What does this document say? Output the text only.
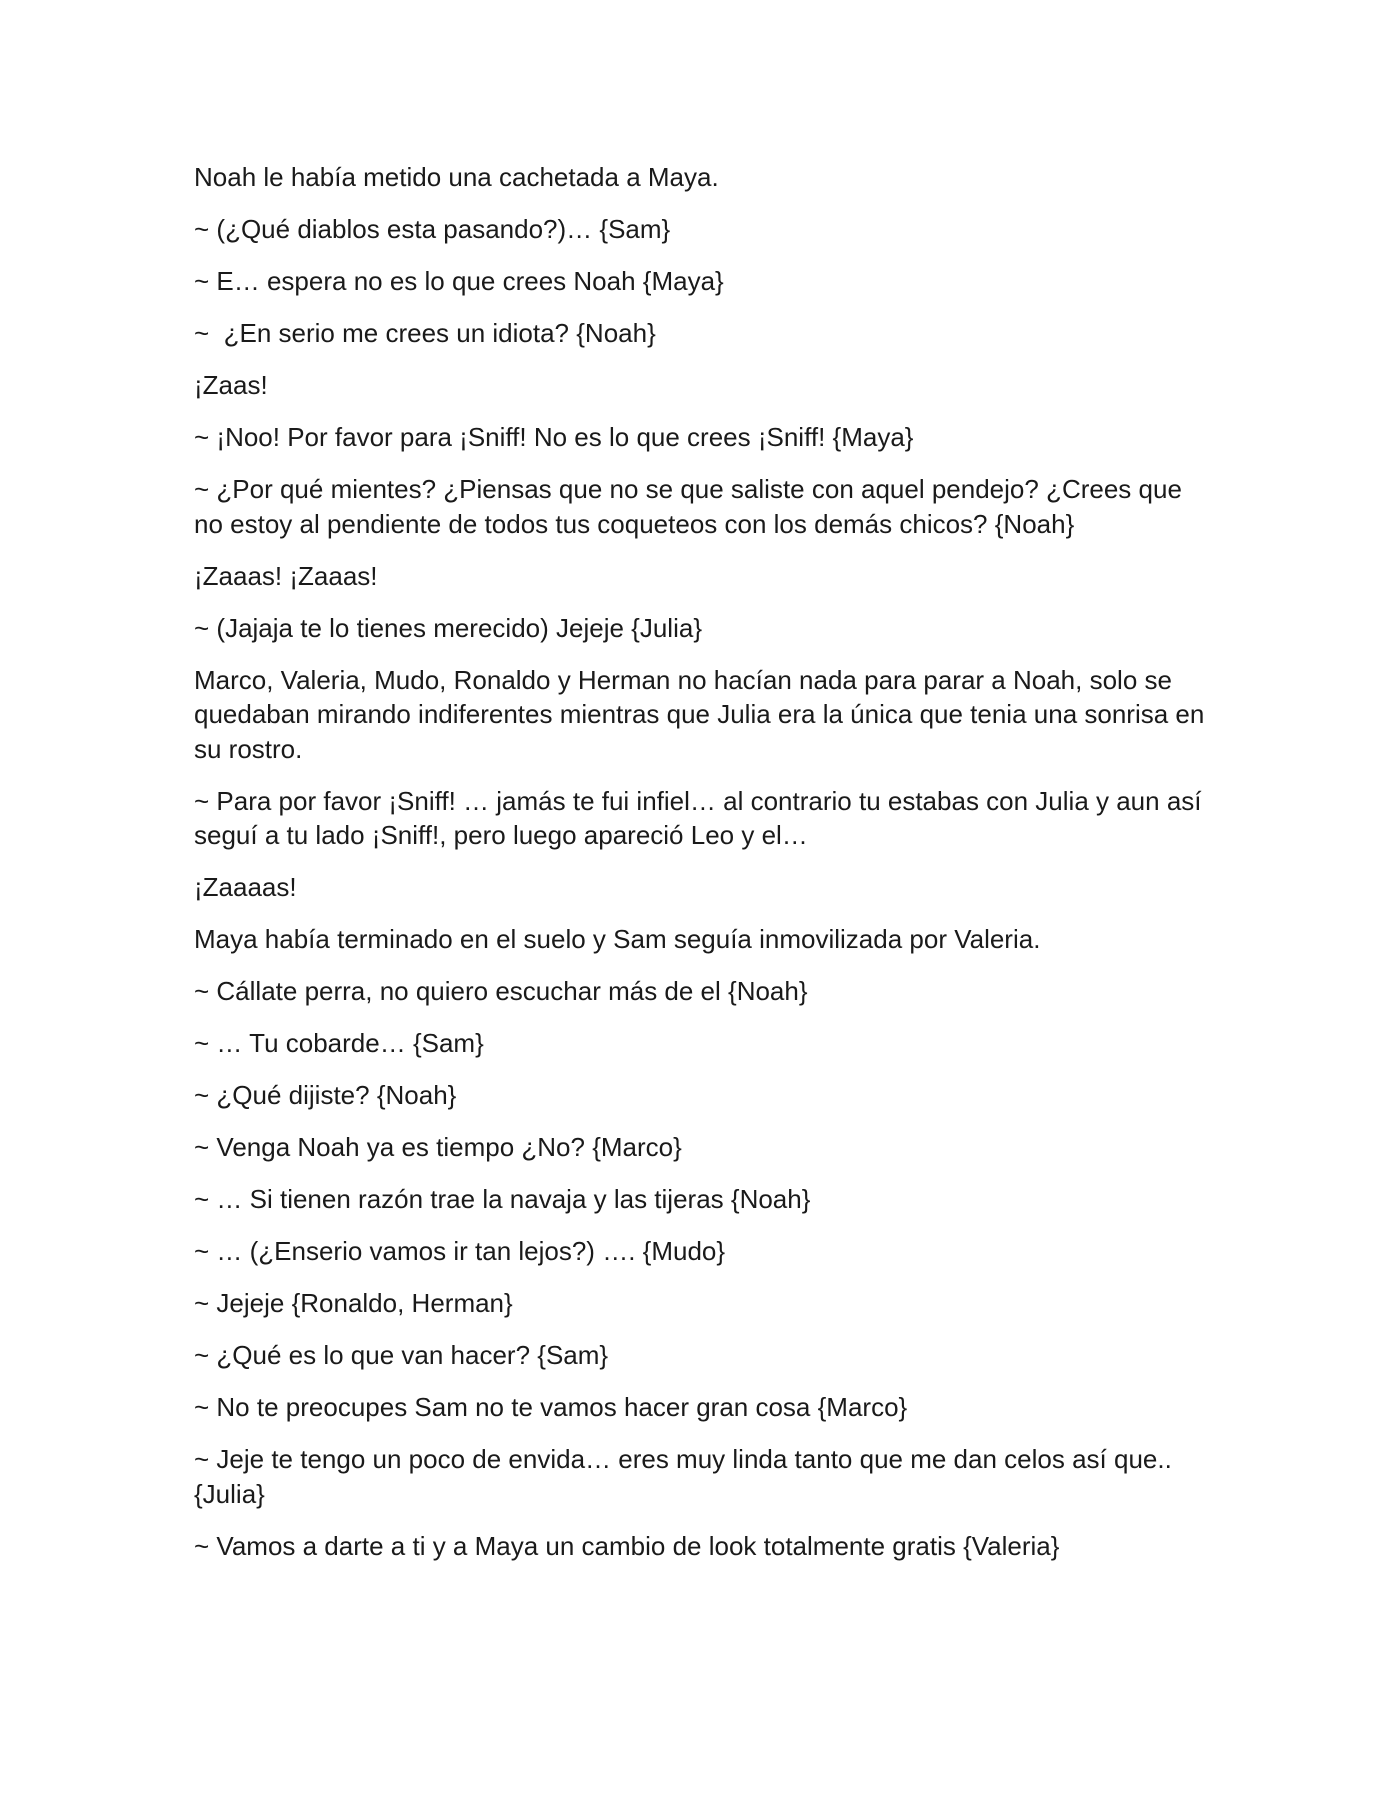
Noah le había metido una cachetada a Maya.

~ (¿Qué diablos esta pasando?)… {Sam}

~ E… espera no es lo que crees Noah {Maya}

~  ¿En serio me crees un idiota? {Noah}

¡Zaas!

~ ¡Noo! Por favor para ¡Sniff! No es lo que crees ¡Sniff! {Maya}

~ ¿Por qué mientes? ¿Piensas que no se que saliste con aquel pendejo? ¿Crees que no estoy al pendiente de todos tus coqueteos con los demás chicos? {Noah}

¡Zaaas! ¡Zaaas!

~ (Jajaja te lo tienes merecido) Jejeje {Julia}

Marco, Valeria, Mudo, Ronaldo y Herman no hacían nada para parar a Noah, solo se quedaban mirando indiferentes mientras que Julia era la única que tenia una sonrisa en su rostro.

~ Para por favor ¡Sniff! … jamás te fui infiel… al contrario tu estabas con Julia y aun así seguí a tu lado ¡Sniff!, pero luego apareció Leo y el…

¡Zaaaas!

Maya había terminado en el suelo y Sam seguía inmovilizada por Valeria.

~ Cállate perra, no quiero escuchar más de el {Noah}

~ … Tu cobarde… {Sam}

~ ¿Qué dijiste? {Noah}

~ Venga Noah ya es tiempo ¿No? {Marco}

~ … Si tienen razón trae la navaja y las tijeras {Noah}

~ … (¿Enserio vamos ir tan lejos?) …. {Mudo}

~ Jejeje {Ronaldo, Herman}

~ ¿Qué es lo que van hacer? {Sam}

~ No te preocupes Sam no te vamos hacer gran cosa {Marco}

~ Jeje te tengo un poco de envida… eres muy linda tanto que me dan celos así que.. {Julia}

~ Vamos a darte a ti y a Maya un cambio de look totalmente gratis {Valeria}
